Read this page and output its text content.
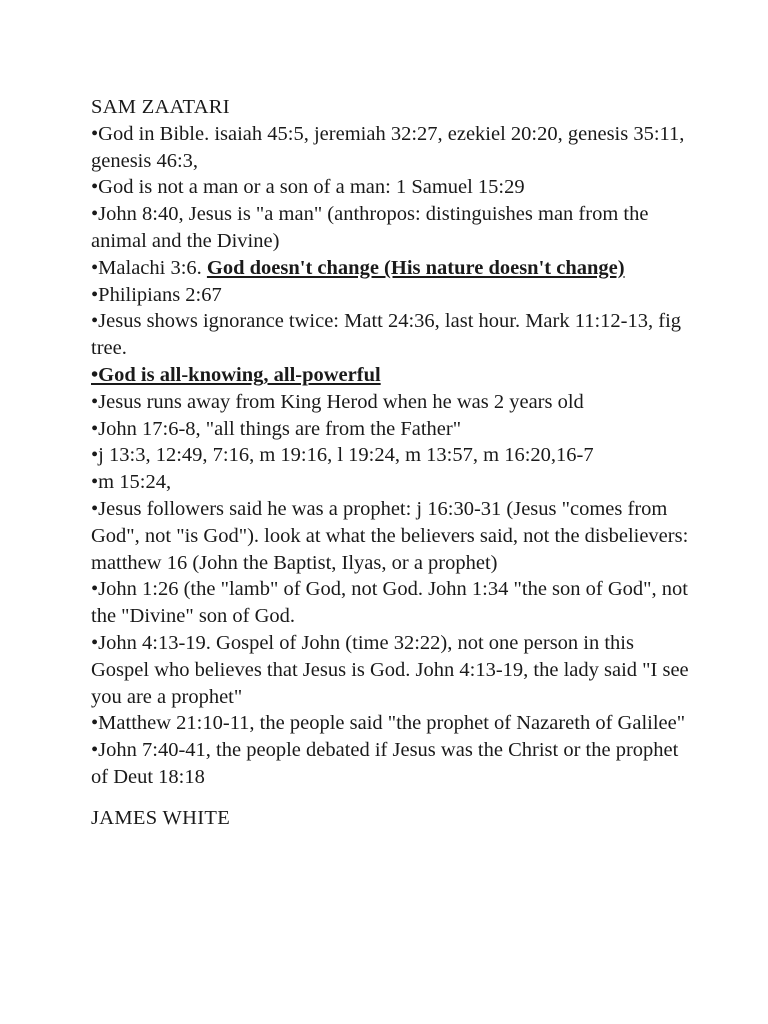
SAM ZAATARI

•God in Bible. isaiah 45:5, jeremiah 32:27, ezekiel 20:20, genesis 35:11, genesis 46:3,

•God is not a man or a son of a man: 1 Samuel 15:29

•John 8:40, Jesus is "a man" (anthropos: distinguishes man from the animal and the Divine)

•Malachi 3:6. God doesn't change (His nature doesn't change)

•Philipians 2:67

•Jesus shows ignorance twice: Matt 24:36, last hour. Mark 11:12-13, fig tree.

•God is all-knowing, all-powerful

•Jesus runs away from King Herod when he was 2 years old

•John 17:6-8, "all things are from the Father"

•j 13:3, 12:49, 7:16, m 19:16, l 19:24, m 13:57, m 16:20,16-7

•m 15:24,

•Jesus followers said he was a prophet: j 16:30-31 (Jesus "comes from God", not "is God"). look at what the believers said, not the disbelievers: matthew 16 (John the Baptist, Ilyas, or a prophet)

•John 1:26 (the "lamb" of God, not God. John 1:34 "the son of God", not the "Divine" son of God.

•John 4:13-19. Gospel of John (time 32:22), not one person in this Gospel who believes that Jesus is God. John 4:13-19, the lady said "I see you are a prophet"

•Matthew 21:10-11, the people said "the prophet of Nazareth of Galilee"

•John 7:40-41, the people debated if Jesus was the Christ or the prophet of Deut 18:18

JAMES WHITE
